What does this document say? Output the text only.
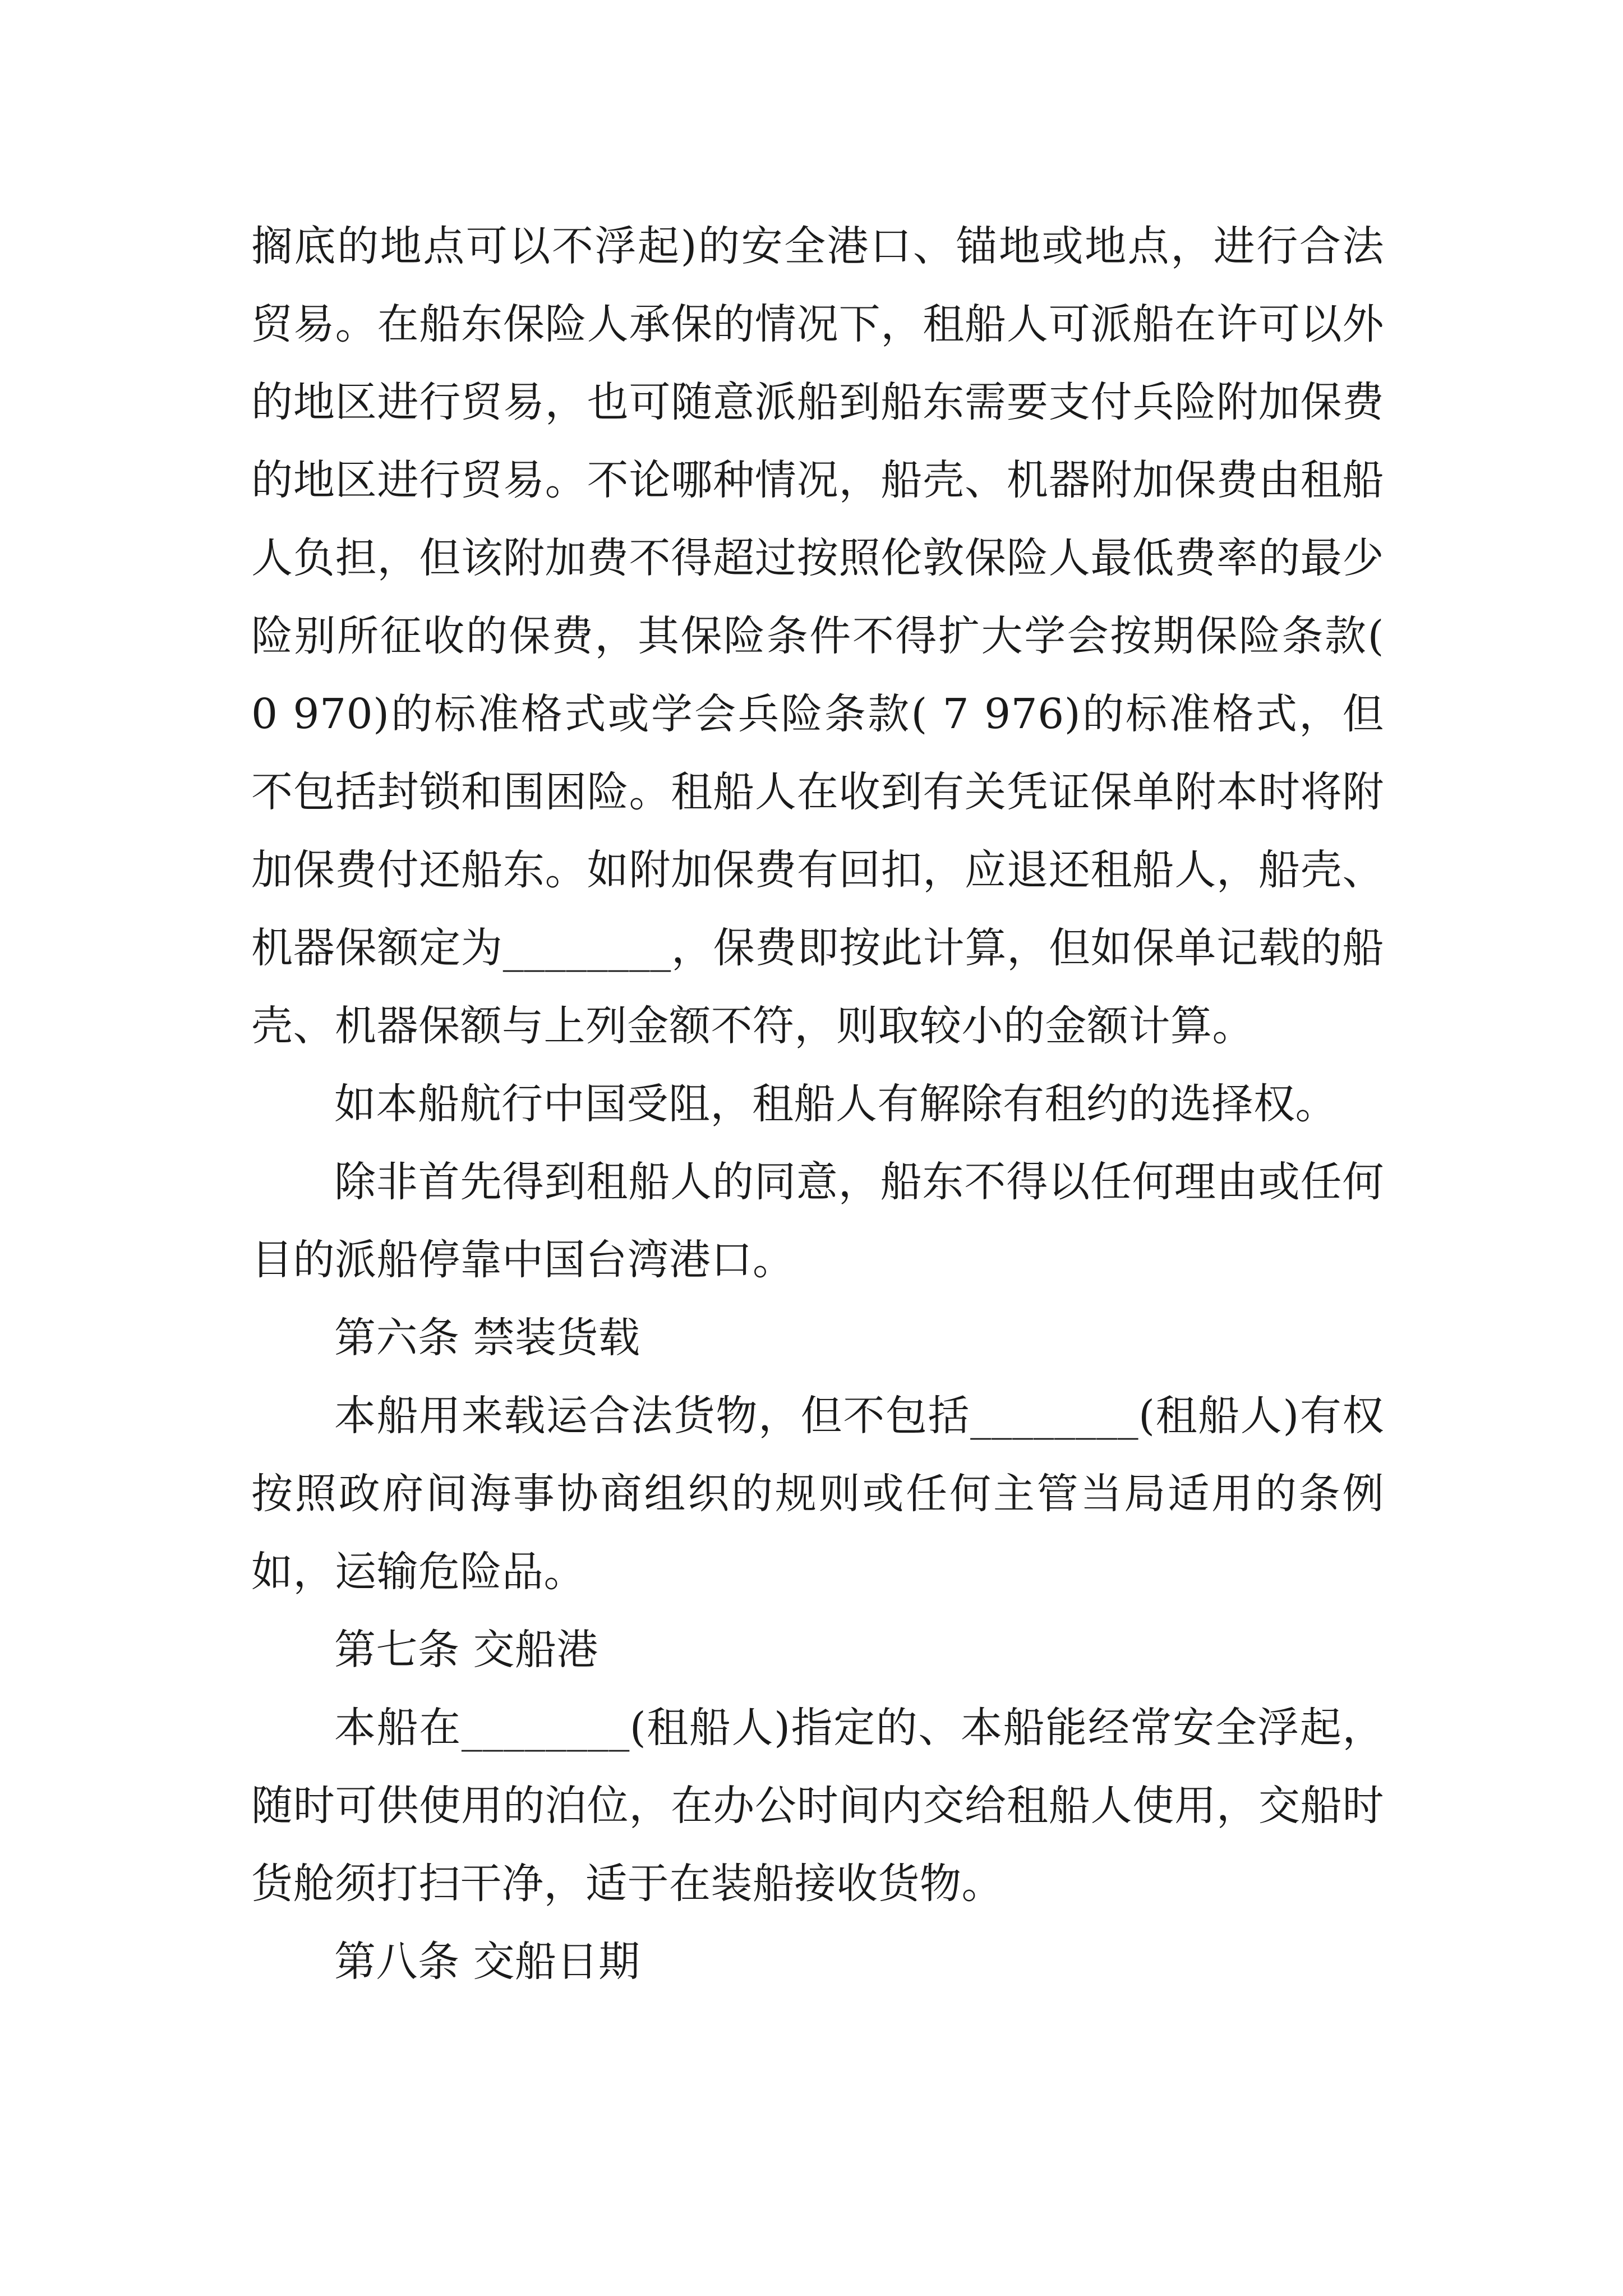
搁底的地点可以不浮起)的安全港口、锚地或地点，进行合法贸易。在船东保险人承保的情况下，租船人可派船在许可以外的地区进行贸易，也可随意派船到船东需要支付兵险附加保费的地区进行贸易。不论哪种情况，船壳、机器附加保费由租船人负担，但该附加费不得超过按照伦敦保险人最低费率的最少险别所征收的保费，其保险条件不得扩大学会按期保险条款( 0 970)的标准格式或学会兵险条款( 7 976)的标准格式，但不包括封锁和围困险。租船人在收到有关凭证保单附本时将附加保费付还船东。如附加保费有回扣，应退还租船人，船壳、机器保额定为________，保费即按此计算，但如保单记载的船壳、机器保额与上列金额不符，则取较小的金额计算。

如本船航行中国受阻，租船人有解除有租约的选择权。

除非首先得到租船人的同意，船东不得以任何理由或任何目的派船停靠中国台湾港口。

第六条 禁装货载

本船用来载运合法货物，但不包括________(租船人)有权按照政府间海事协商组织的规则或任何主管当局适用的条例如，运输危险品。

第七条 交船港

本船在________(租船人)指定的、本船能经常安全浮起，随时可供使用的泊位，在办公时间内交给租船人使用，交船时货舱须打扫干净，适于在装船接收货物。

第八条 交船日期
